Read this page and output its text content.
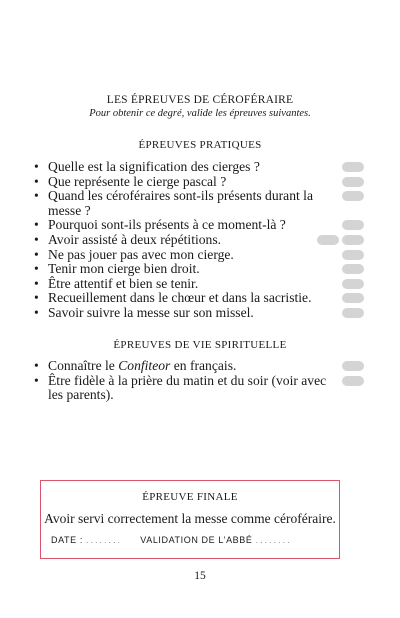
LES ÉPREUVES DE CÉROFÉRAIRE
Pour obtenir ce degré, valide les épreuves suivantes.
ÉPREUVES PRATIQUES
• Quelle est la signification des cierges ?
• Que représente le cierge pascal ?
• Quand les céroféraires sont-ils présents durant la messe ?
• Pourquoi sont-ils présents à ce moment-là ?
• Avoir assisté à deux répétitions.
• Ne pas jouer pas avec mon cierge.
• Tenir mon cierge bien droit.
• Être attentif et bien se tenir.
• Recueillement dans le chœur et dans la sacristie.
• Savoir suivre la messe sur son missel.
ÉPREUVES DE VIE SPIRITUELLE
• Connaître le Confiteor en français.
• Être fidèle à la prière du matin et du soir (voir avec les parents).
ÉPREUVE FINALE
Avoir servi correctement la messe comme céroféraire.
DATE : ........ VALIDATION DE L’ABBÉ ........
15
